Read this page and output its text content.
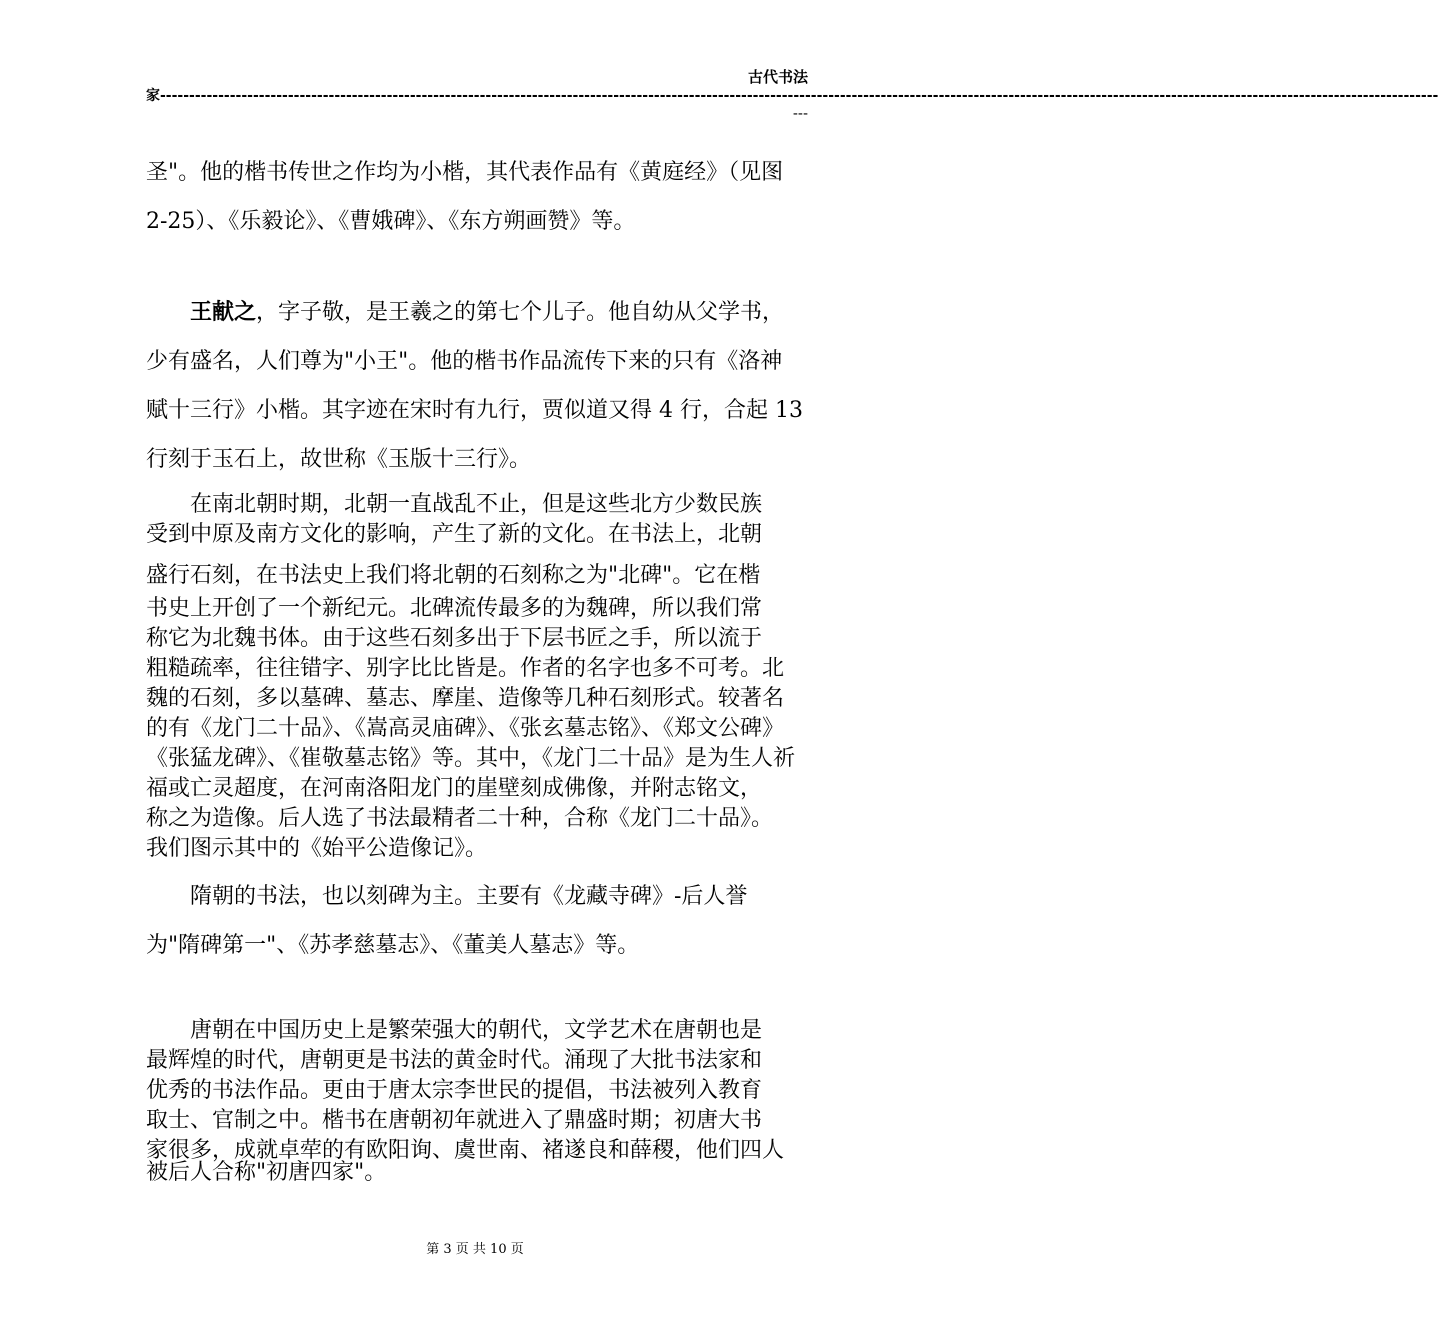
古代书法
家----------------------------------------------------------------------------------------------------------------------------------------------------------------------------------------------------------------------------
---
圣"。他的楷书传世之作均为小楷，其代表作品有《黄庭经》（见图
2-25）、《乐毅论》、《曹娥碑》、《东方朔画赞》等。
王献之，字子敬，是王羲之的第七个儿子。他自幼从父学书，
少有盛名，人们尊为"小王"。他的楷书作品流传下来的只有《洛神
赋十三行》小楷。其字迹在宋时有九行，贾似道又得 4 行，合起 13
行刻于玉石上，故世称《玉版十三行》。
在南北朝时期，北朝一直战乱不止，但是这些北方少数民族
受到中原及南方文化的影响，产生了新的文化。在书法上，北朝
盛行石刻，在书法史上我们将北朝的石刻称之为"北碑"。它在楷
书史上开创了一个新纪元。北碑流传最多的为魏碑，所以我们常
称它为北魏书体。由于这些石刻多出于下层书匠之手，所以流于
粗糙疏率，往往错字、别字比比皆是。作者的名字也多不可考。北
魏的石刻，多以墓碑、墓志、摩崖、造像等几种石刻形式。较著名
的有《龙门二十品》、《嵩高灵庙碑》、《张玄墓志铭》、《郑文公碑》
《张猛龙碑》、《崔敬墓志铭》等。其中，《龙门二十品》是为生人祈
福或亡灵超度，在河南洛阳龙门的崖壁刻成佛像，并附志铭文，
称之为造像。后人选了书法最精者二十种，合称《龙门二十品》。
我们图示其中的《始平公造像记》。
隋朝的书法，也以刻碑为主。主要有《龙藏寺碑》-后人誉
为"隋碑第一"、《苏孝慈墓志》、《董美人墓志》等。
唐朝在中国历史上是繁荣强大的朝代，文学艺术在唐朝也是
最辉煌的时代，唐朝更是书法的黄金时代。涌现了大批书法家和
优秀的书法作品。更由于唐太宗李世民的提倡，书法被列入教育
取士、官制之中。楷书在唐朝初年就进入了鼎盛时期；初唐大书
家很多，成就卓荦的有欧阳询、虞世南、褚遂良和薛稷，他们四人
被后人合称"初唐四家"。
第 3 页 共 10 页
